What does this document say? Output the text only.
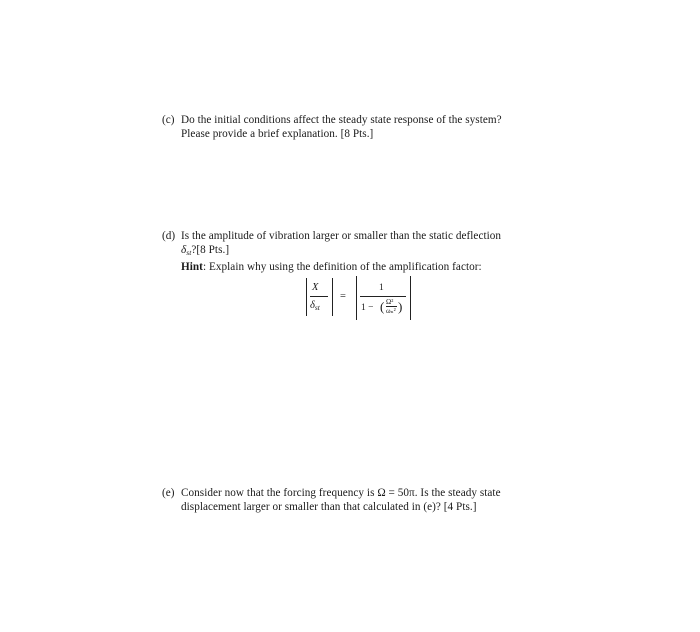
(c) Do the initial conditions affect the steady state response of the system?
Please provide a brief explanation. [8 Pts.]
(d) Is the amplitude of vibration larger or smaller than the static deflection
$\delta_{st}?[8$ Pts.]
Hint: Explain why using the definition of the amplification factor:
X
$\delta_{st}$
=
1
1 − ( Ω²
ωₙ² )
(e) Consider now that the forcing frequency is Ω = 50π. Is the steady state
displacement larger or smaller than that calculated in (e)? [4 Pts.]
